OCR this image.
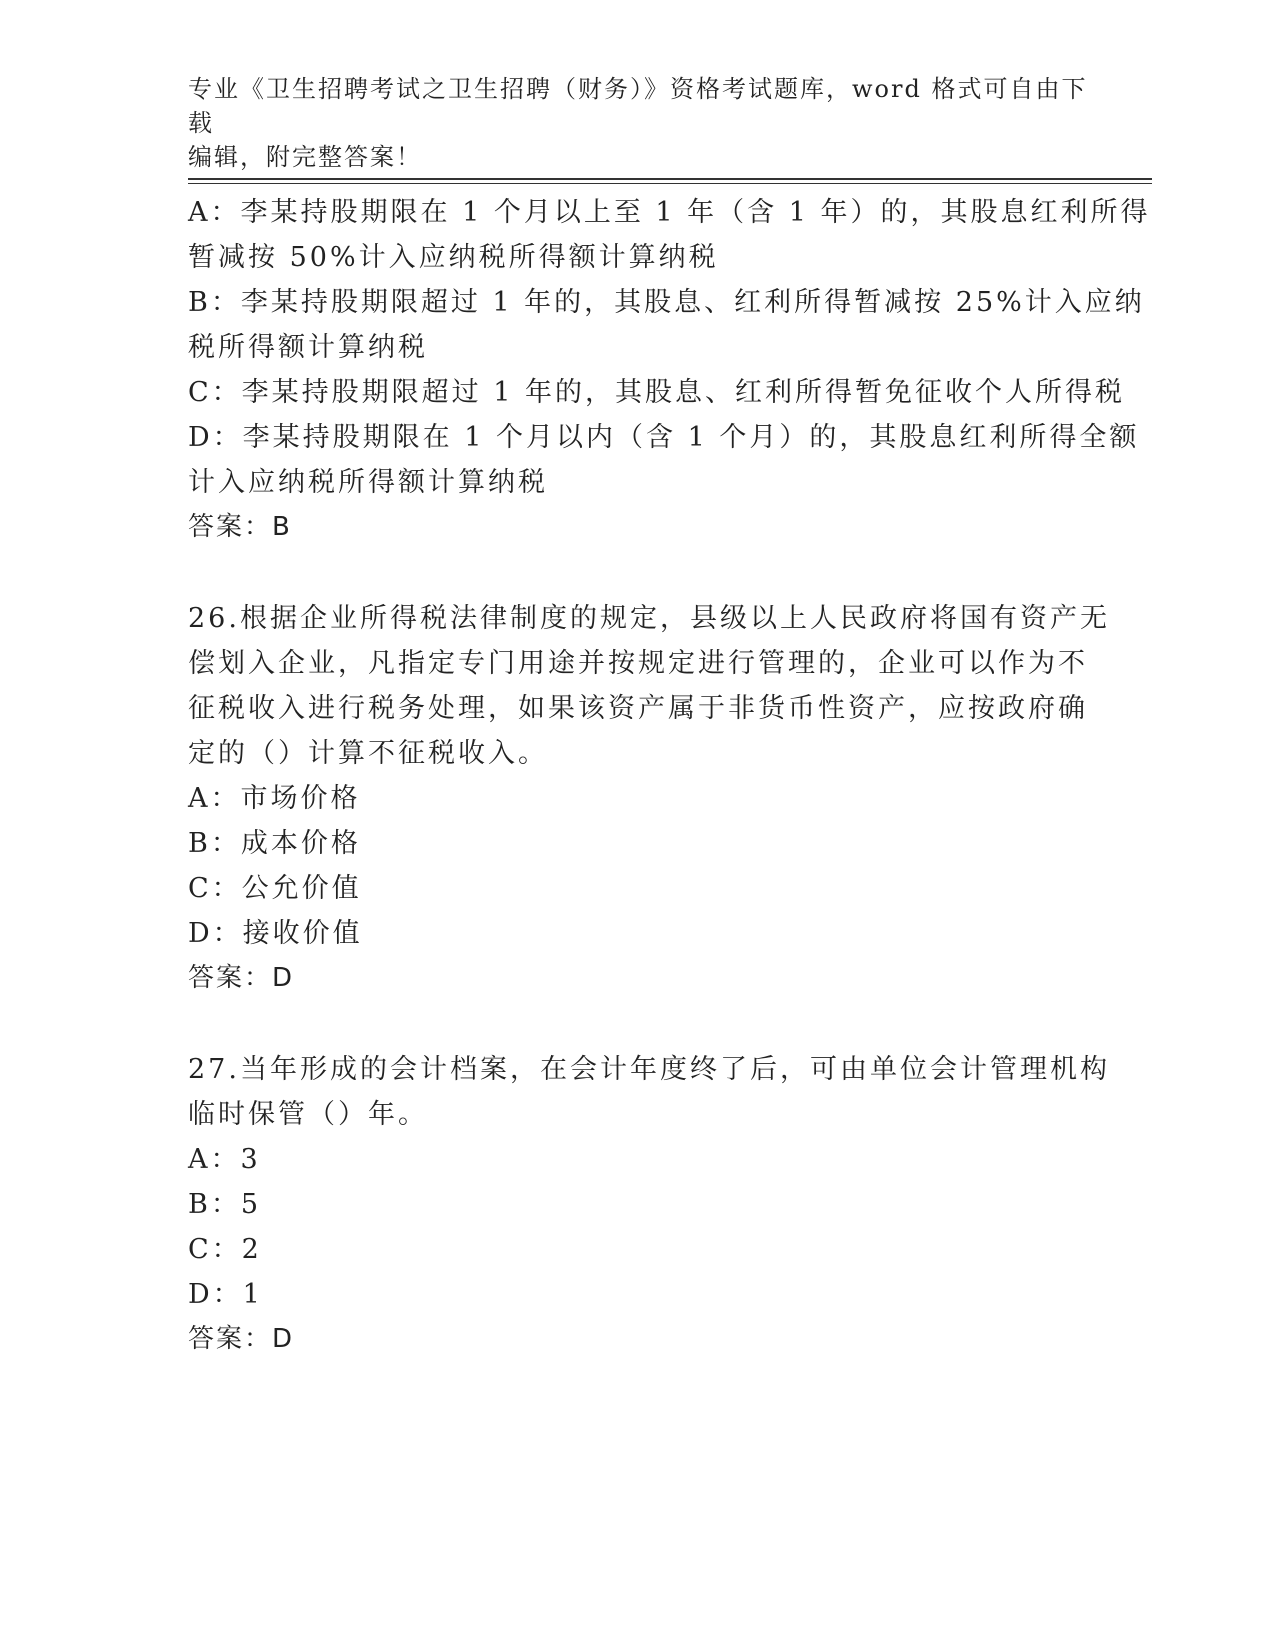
专业《卫生招聘考试之卫生招聘（财务）》资格考试题库，word 格式可自由下载
编辑，附完整答案！

A：李某持股期限在 1 个月以上至 1 年（含 1 年）的，其股息红利所得

暂减按 50%计入应纳税所得额计算纳税

B：李某持股期限超过 1 年的，其股息、红利所得暂减按 25%计入应纳

税所得额计算纳税

C：李某持股期限超过 1 年的，其股息、红利所得暂免征收个人所得税

D：李某持股期限在 1 个月以内（含 1 个月）的，其股息红利所得全额

计入应纳税所得额计算纳税

答案：B

26.根据企业所得税法律制度的规定，县级以上人民政府将国有资产无

偿划入企业，凡指定专门用途并按规定进行管理的，企业可以作为不

征税收入进行税务处理，如果该资产属于非货币性资产，应按政府确

定的（）计算不征税收入。

A：市场价格

B：成本价格

C：公允价值

D：接收价值

答案：D

27.当年形成的会计档案，在会计年度终了后，可由单位会计管理机构

临时保管（）年。

A：3

B：5

C：2

D：1

答案：D
